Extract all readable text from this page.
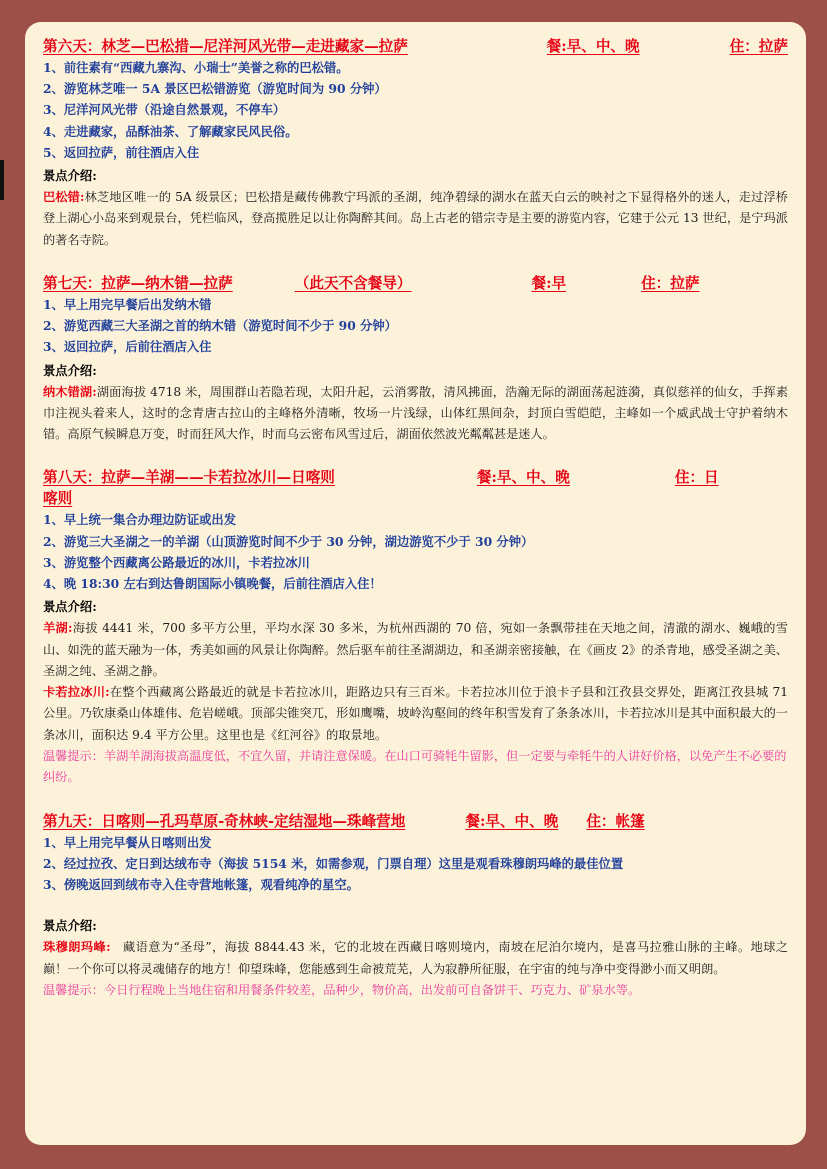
第六天：林芝—巴松措—尼洋河风光带—走进藏家—拉萨	餐:早、中、晚	住：拉萨

1、前往素有“西藏九寨沟、小瑞士”美誉之称的巴松错。

2、游览林芝唯一 5A 景区巴松错游览（游览时间为 90 分钟）

3、尼洋河风光带（沿途自然景观，不停车）

4、走进藏家，品酥油茶、了解藏家民风民俗。

5、返回拉萨，前往酒店入住

景点介绍:

巴松错:林芝地区唯一的 5A 级景区；巴松措是藏传佛教宁玛派的圣湖，纯净碧绿的湖水在蓝天白云的映衬之下显得格外的迷人，走过浮桥登上湖心小岛来到观景台，凭栏临风，登高揽胜足以让你陶醉其间。岛上古老的错宗寺是主要的游览内容，它建于公元 13 世纪，是宁玛派的著名寺院。

第七天：拉萨—纳木错—拉萨	（此天不含餐导）	餐:早	住：拉萨

1、早上用完早餐后出发纳木错

2、游览西藏三大圣湖之首的纳木错（游览时间不少于 90 分钟）

3、返回拉萨，后前往酒店入住

景点介绍:

纳木错湖:湖面海拔 4718 米，周围群山若隐若现，太阳升起，云消雾散，清风拂面，浩瀚无际的湖面荡起涟漪，真似慈祥的仙女，手挥素巾注视头着来人，这时的念青唐古拉山的主峰格外清晰，牧场一片浅绿，山体红黑间杂，封顶白雪皑皑，主峰如一个威武战士守护着纳木错。高原气候瞬息万变，时而狂风大作，时而乌云密布风雪过后，湖面依然波光粼粼甚是迷人。

第八天：拉萨—羊湖——卡若拉冰川—日喀则	餐:早、中、晚	住：日
喀则

1、早上统一集合办理边防证或出发

2、游览三大圣湖之一的羊湖（山顶游览时间不少于 30 分钟，湖边游览不少于 30 分钟）

3、游览整个西藏离公路最近的冰川，卡若拉冰川

4、晚 18:30 左右到达鲁朗国际小镇晚餐，后前往酒店入住！

景点介绍:

羊湖:海拔 4441 米，700 多平方公里，平均水深 30 多米，为杭州西湖的 70 倍，宛如一条飘带挂在天地之间，清澈的湖水、巍峨的雪山、如洗的蓝天融为一体，秀美如画的风景让你陶醉。然后驱车前往圣湖湖边，和圣湖亲密接触，在《画皮 2》的杀青地，感受圣湖之美、圣湖之纯、圣湖之静。

卡若拉冰川:在整个西藏离公路最近的就是卡若拉冰川，距路边只有三百米。卡若拉冰川位于浪卡子县和江孜县交界处，距离江孜县城 71 公里。乃钦康桑山体雄伟、危岩嵯峨。顶部尖锥突兀，形如鹰嘴，坡岭沟壑间的终年积雪发育了条条冰川，卡若拉冰川是其中面积最大的一条冰川，面积达 9.4 平方公里。这里也是《红河谷》的取景地。

温馨提示：羊湖羊湖海拔高温度低，不宜久留，并请注意保暖。在山口可骑牦牛留影，但一定要与牵牦牛的人讲好价格，以免产生不必要的纠纷。

第九天：日喀则—孔玛草原-奇林峡-定结湿地—珠峰营地	餐:早、中、晚 住：帐篷

1、早上用完早餐从日喀则出发

2、经过拉孜、定日到达绒布寺（海拔 5154 米，如需参观，门票自理）这里是观看珠穆朗玛峰的最佳位置

3、傍晚返回到绒布寺入住寺营地帐篷，观看纯净的星空。

景点介绍:

珠穆朗玛峰: 藏语意为“圣母”，海拔 8844.43 米，它的北坡在西藏日喀则境内，南坡在尼泊尔境内，是喜马拉雅山脉的主峰。地球之巅！一个你可以将灵魂储存的地方！仰望珠峰，您能感到生命被荒芜，人为寂静所征服，在宇宙的纯与净中变得渺小而又明朗。

温馨提示：今日行程晚上当地住宿和用餐条件较差，品种少，物价高，出发前可自备饼干、巧克力、矿泉水等。
